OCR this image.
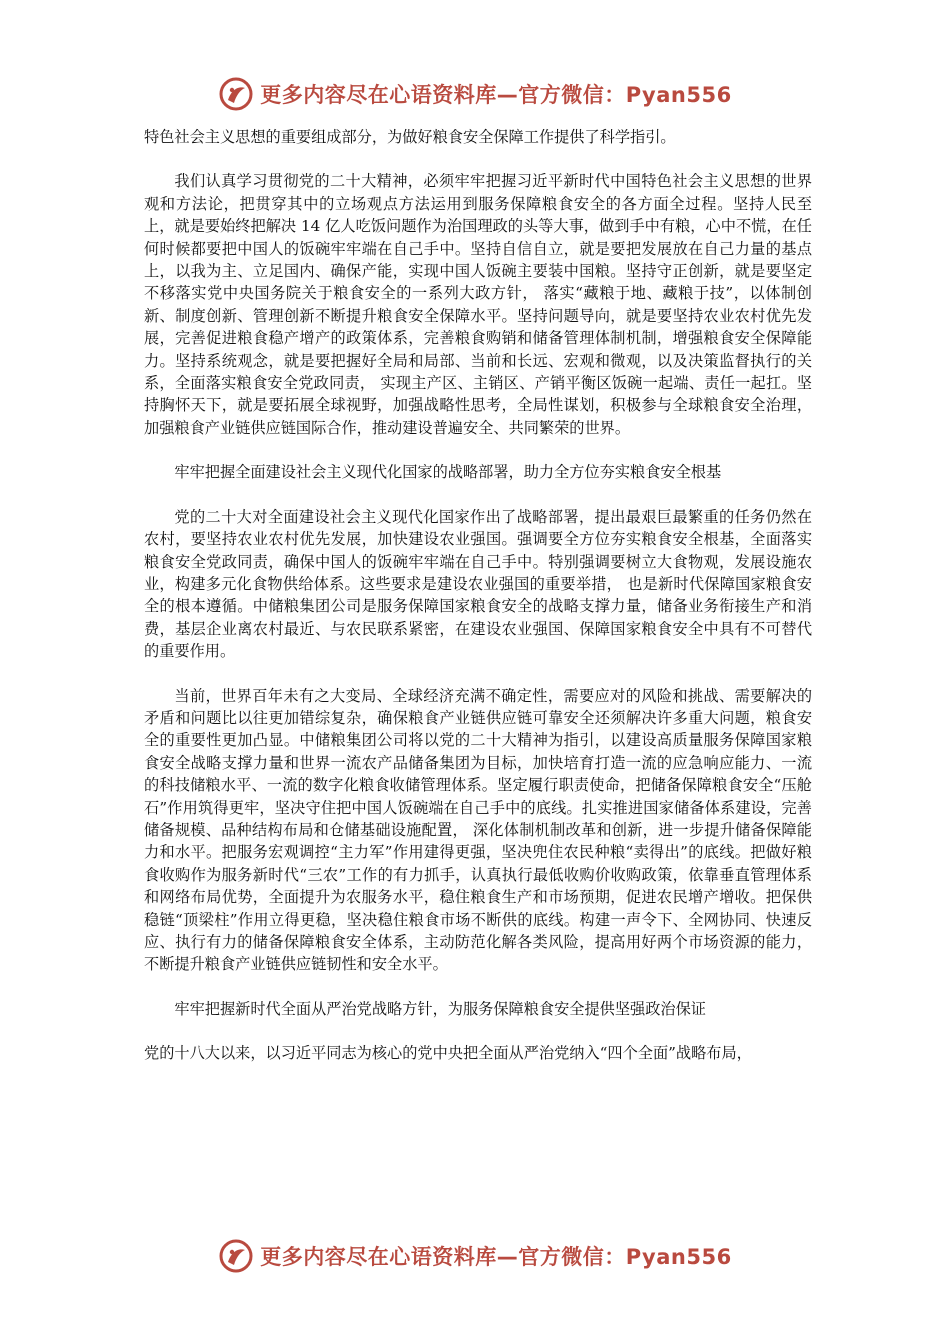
更多内容尽在心语资料库—官方微信：Pyan556

特色社会主义思想的重要组成部分，为做好粮食安全保障工作提供了科学指引。

我们认真学习贯彻党的二十大精神，必须牢牢把握习近平新时代中国特色社会主义思想的世界观和方法论，把贯穿其中的立场观点方法运用到服务保障粮食安全的各方面全过程。坚持人民至上，就是要始终把解决 14 亿人吃饭问题作为治国理政的头等大事，做到手中有粮，心中不慌，在任何时候都要把中国人的饭碗牢牢端在自己手中。坚持自信自立，就是要把发展放在自己力量的基点上，以我为主、立足国内、确保产能，实现中国人饭碗主要装中国粮。坚持守正创新，就是要坚定不移落实党中央国务院关于粮食安全的一系列大政方针， 落实“藏粮于地、藏粮于技”，以体制创新、制度创新、管理创新不断提升粮食安全保障水平。坚持问题导向，就是要坚持农业农村优先发展，完善促进粮食稳产增产的政策体系，完善粮食购销和储备管理体制机制，增强粮食安全保障能力。坚持系统观念，就是要把握好全局和局部、当前和长远、宏观和微观，以及决策监督执行的关系，全面落实粮食安全党政同责， 实现主产区、主销区、产销平衡区饭碗一起端、责任一起扛。坚持胸怀天下，就是要拓展全球视野，加强战略性思考，全局性谋划，积极参与全球粮食安全治理，加强粮食产业链供应链国际合作，推动建设普遍安全、共同繁荣的世界。

牢牢把握全面建设社会主义现代化国家的战略部署，助力全方位夯实粮食安全根基

党的二十大对全面建设社会主义现代化国家作出了战略部署，提出最艰巨最繁重的任务仍然在农村，要坚持农业农村优先发展，加快建设农业强国。强调要全方位夯实粮食安全根基，全面落实粮食安全党政同责，确保中国人的饭碗牢牢端在自己手中。特别强调要树立大食物观，发展设施农业，构建多元化食物供给体系。这些要求是建设农业强国的重要举措， 也是新时代保障国家粮食安全的根本遵循。中储粮集团公司是服务保障国家粮食安全的战略支撑力量，储备业务衔接生产和消费，基层企业离农村最近、与农民联系紧密，在建设农业强国、保障国家粮食安全中具有不可替代的重要作用。

当前，世界百年未有之大变局、全球经济充满不确定性，需要应对的风险和挑战、需要解决的矛盾和问题比以往更加错综复杂，确保粮食产业链供应链可靠安全还须解决许多重大问题，粮食安全的重要性更加凸显。中储粮集团公司将以党的二十大精神为指引，以建设高质量服务保障国家粮食安全战略支撑力量和世界一流农产品储备集团为目标，加快培育打造一流的应急响应能力、一流的科技储粮水平、一流的数字化粮食收储管理体系。坚定履行职责使命，把储备保障粮食安全“压舱石”作用筑得更牢，坚决守住把中国人饭碗端在自己手中的底线。扎实推进国家储备体系建设，完善储备规模、品种结构布局和仓储基础设施配置， 深化体制机制改革和创新，进一步提升储备保障能力和水平。把服务宏观调控“主力军”作用建得更强，坚决兜住农民种粮“卖得出”的底线。把做好粮食收购作为服务新时代“三农”工作的有力抓手，认真执行最低收购价收购政策，依靠垂直管理体系和网络布局优势，全面提升为农服务水平，稳住粮食生产和市场预期，促进农民增产增收。把保供稳链“顶梁柱”作用立得更稳，坚决稳住粮食市场不断供的底线。构建一声令下、全网协同、快速反应、执行有力的储备保障粮食安全体系，主动防范化解各类风险，提高用好两个市场资源的能力，不断提升粮食产业链供应链韧性和安全水平。

牢牢把握新时代全面从严治党战略方针，为服务保障粮食安全提供坚强政治保证

党的十八大以来，以习近平同志为核心的党中央把全面从严治党纳入“四个全面”战略布局，

更多内容尽在心语资料库—官方微信：Pyan556
